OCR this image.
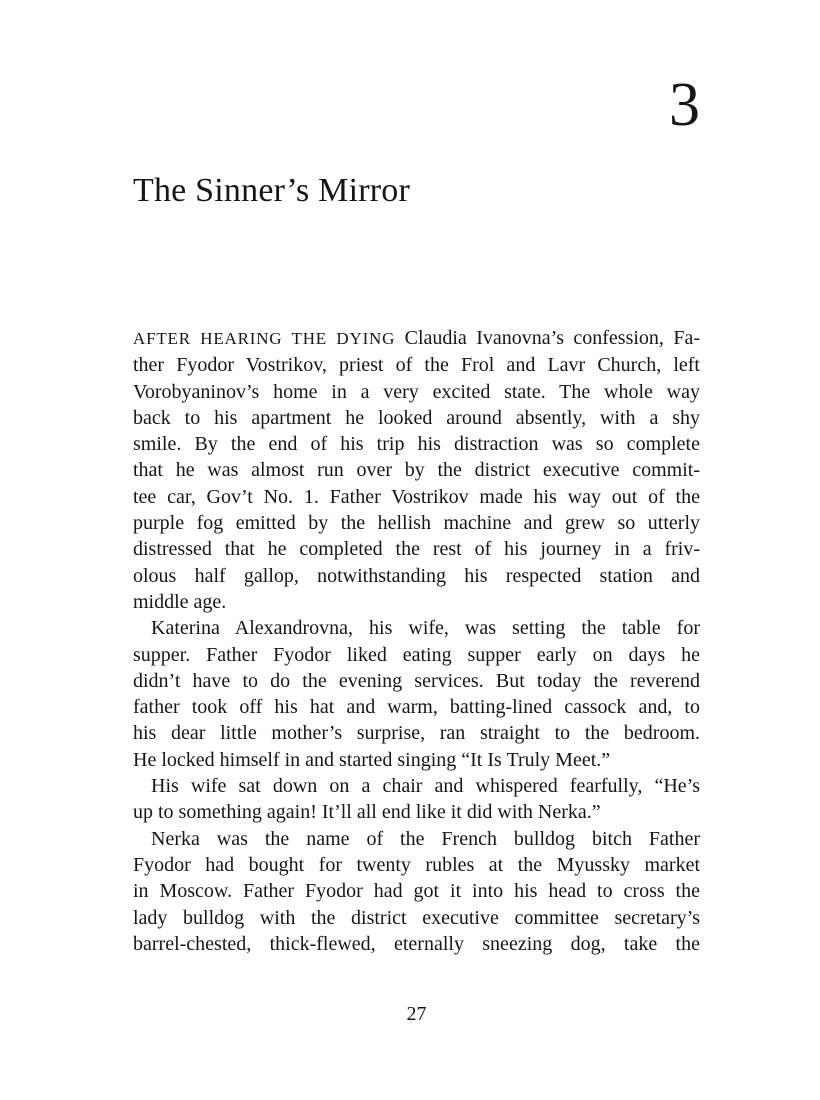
3
The Sinner’s Mirror
AFTER HEARING THE DYING Claudia Ivanovna’s confession, Fa-
ther Fyodor Vostrikov, priest of the Frol and Lavr Church, left
Vorobyaninov’s home in a very excited state. The whole way
back to his apartment he looked around absently, with a shy
smile. By the end of his trip his distraction was so complete
that he was almost run over by the district executive commit-
tee car, Gov’t No. 1. Father Vostrikov made his way out of the
purple fog emitted by the hellish machine and grew so utterly
distressed that he completed the rest of his journey in a friv-
olous half gallop, notwithstanding his respected station and
middle age.
Katerina Alexandrovna, his wife, was setting the table for
supper. Father Fyodor liked eating supper early on days he
didn’t have to do the evening services. But today the reverend
father took off his hat and warm, batting-lined cassock and, to
his dear little mother’s surprise, ran straight to the bedroom.
He locked himself in and started singing “It Is Truly Meet.”
His wife sat down on a chair and whispered fearfully, “He’s
up to something again! It’ll all end like it did with Nerka.”
Nerka was the name of the French bulldog bitch Father
Fyodor had bought for twenty rubles at the Myussky market
in Moscow. Father Fyodor had got it into his head to cross the
lady bulldog with the district executive committee secretary’s
barrel-chested, thick-flewed, eternally sneezing dog, take the
27
